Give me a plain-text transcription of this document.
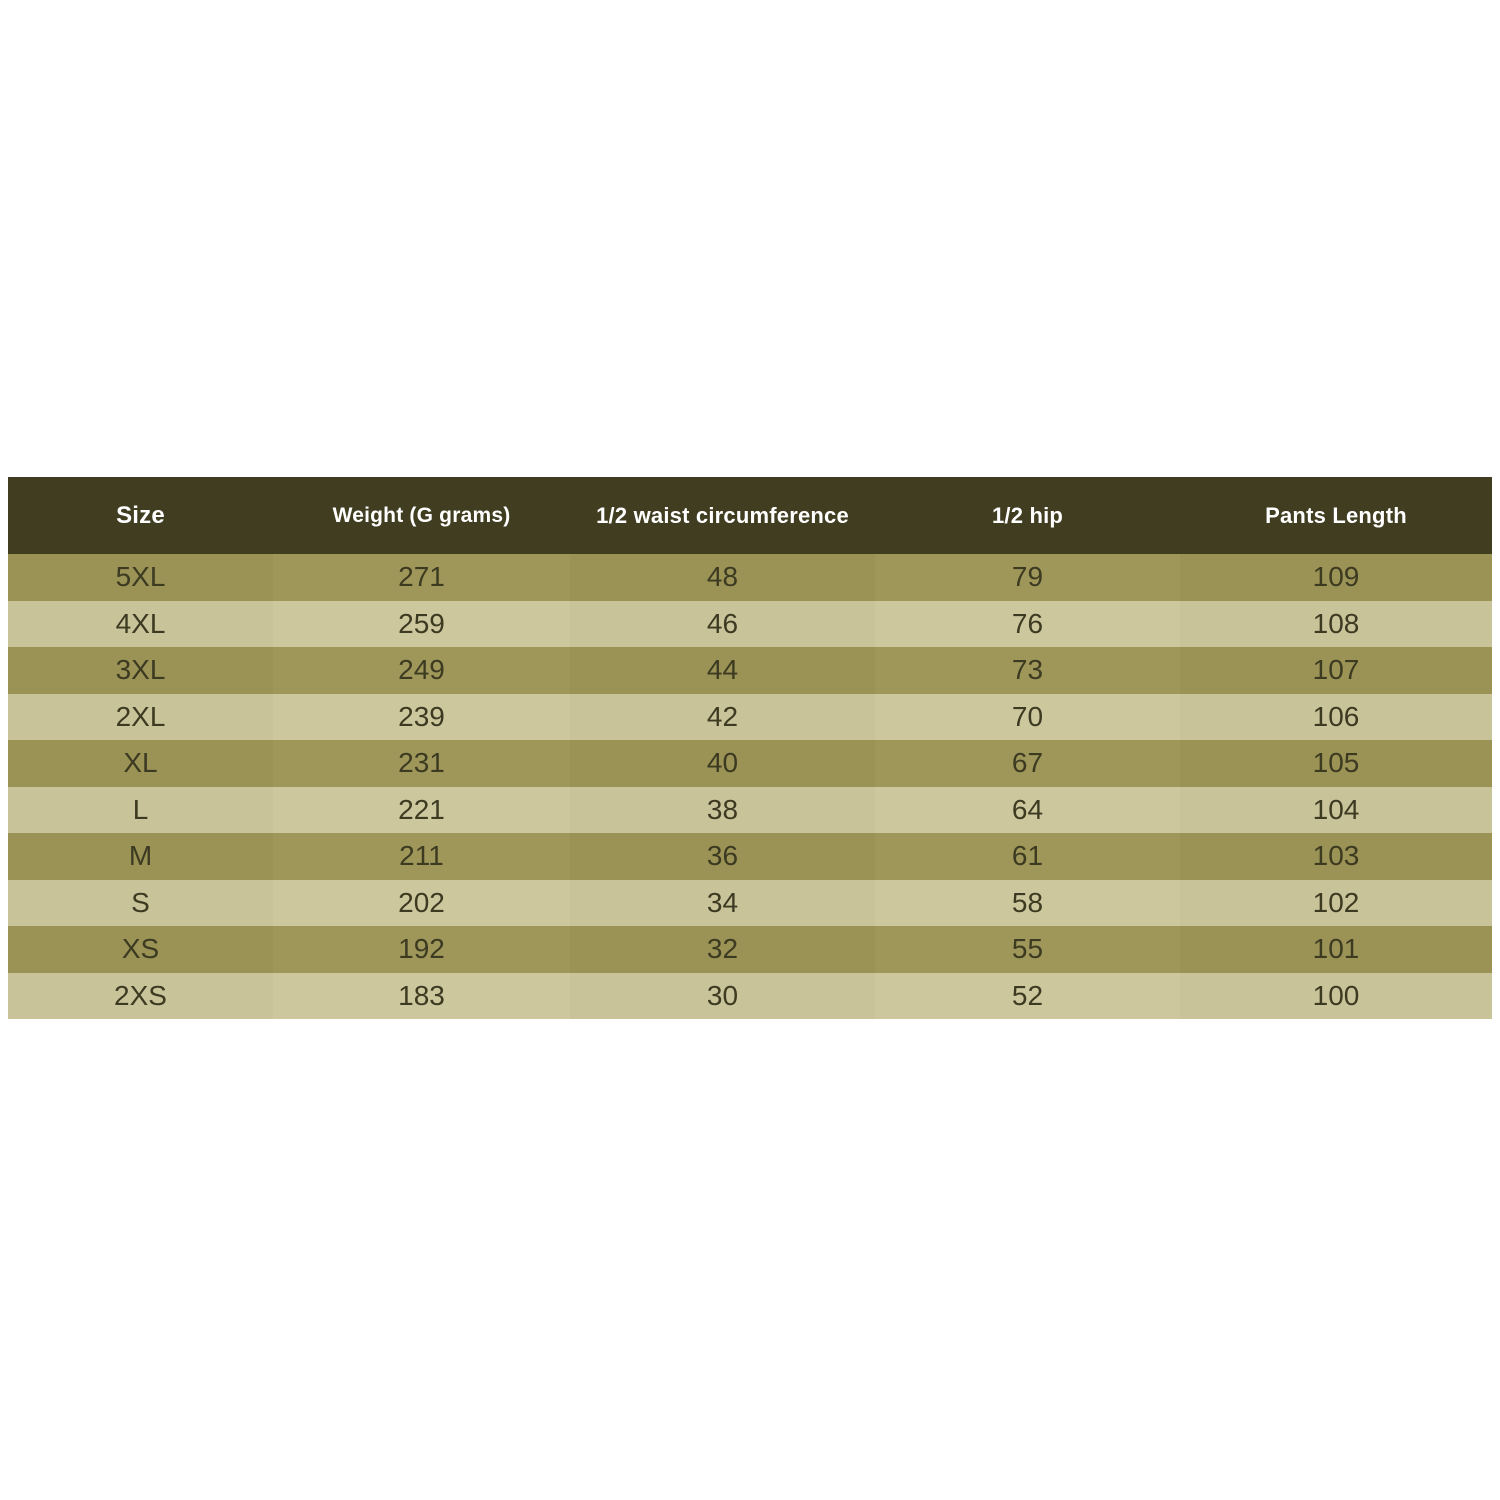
Size	Weight (G grams)	1/2 waist circumference	1/2 hip	Pants Length
5XL	271	48	79	109
4XL	259	46	76	108
3XL	249	44	73	107
2XL	239	42	70	106
XL	231	40	67	105
L	221	38	64	104
M	211	36	61	103
S	202	34	58	102
XS	192	32	55	101
2XS	183	30	52	100
